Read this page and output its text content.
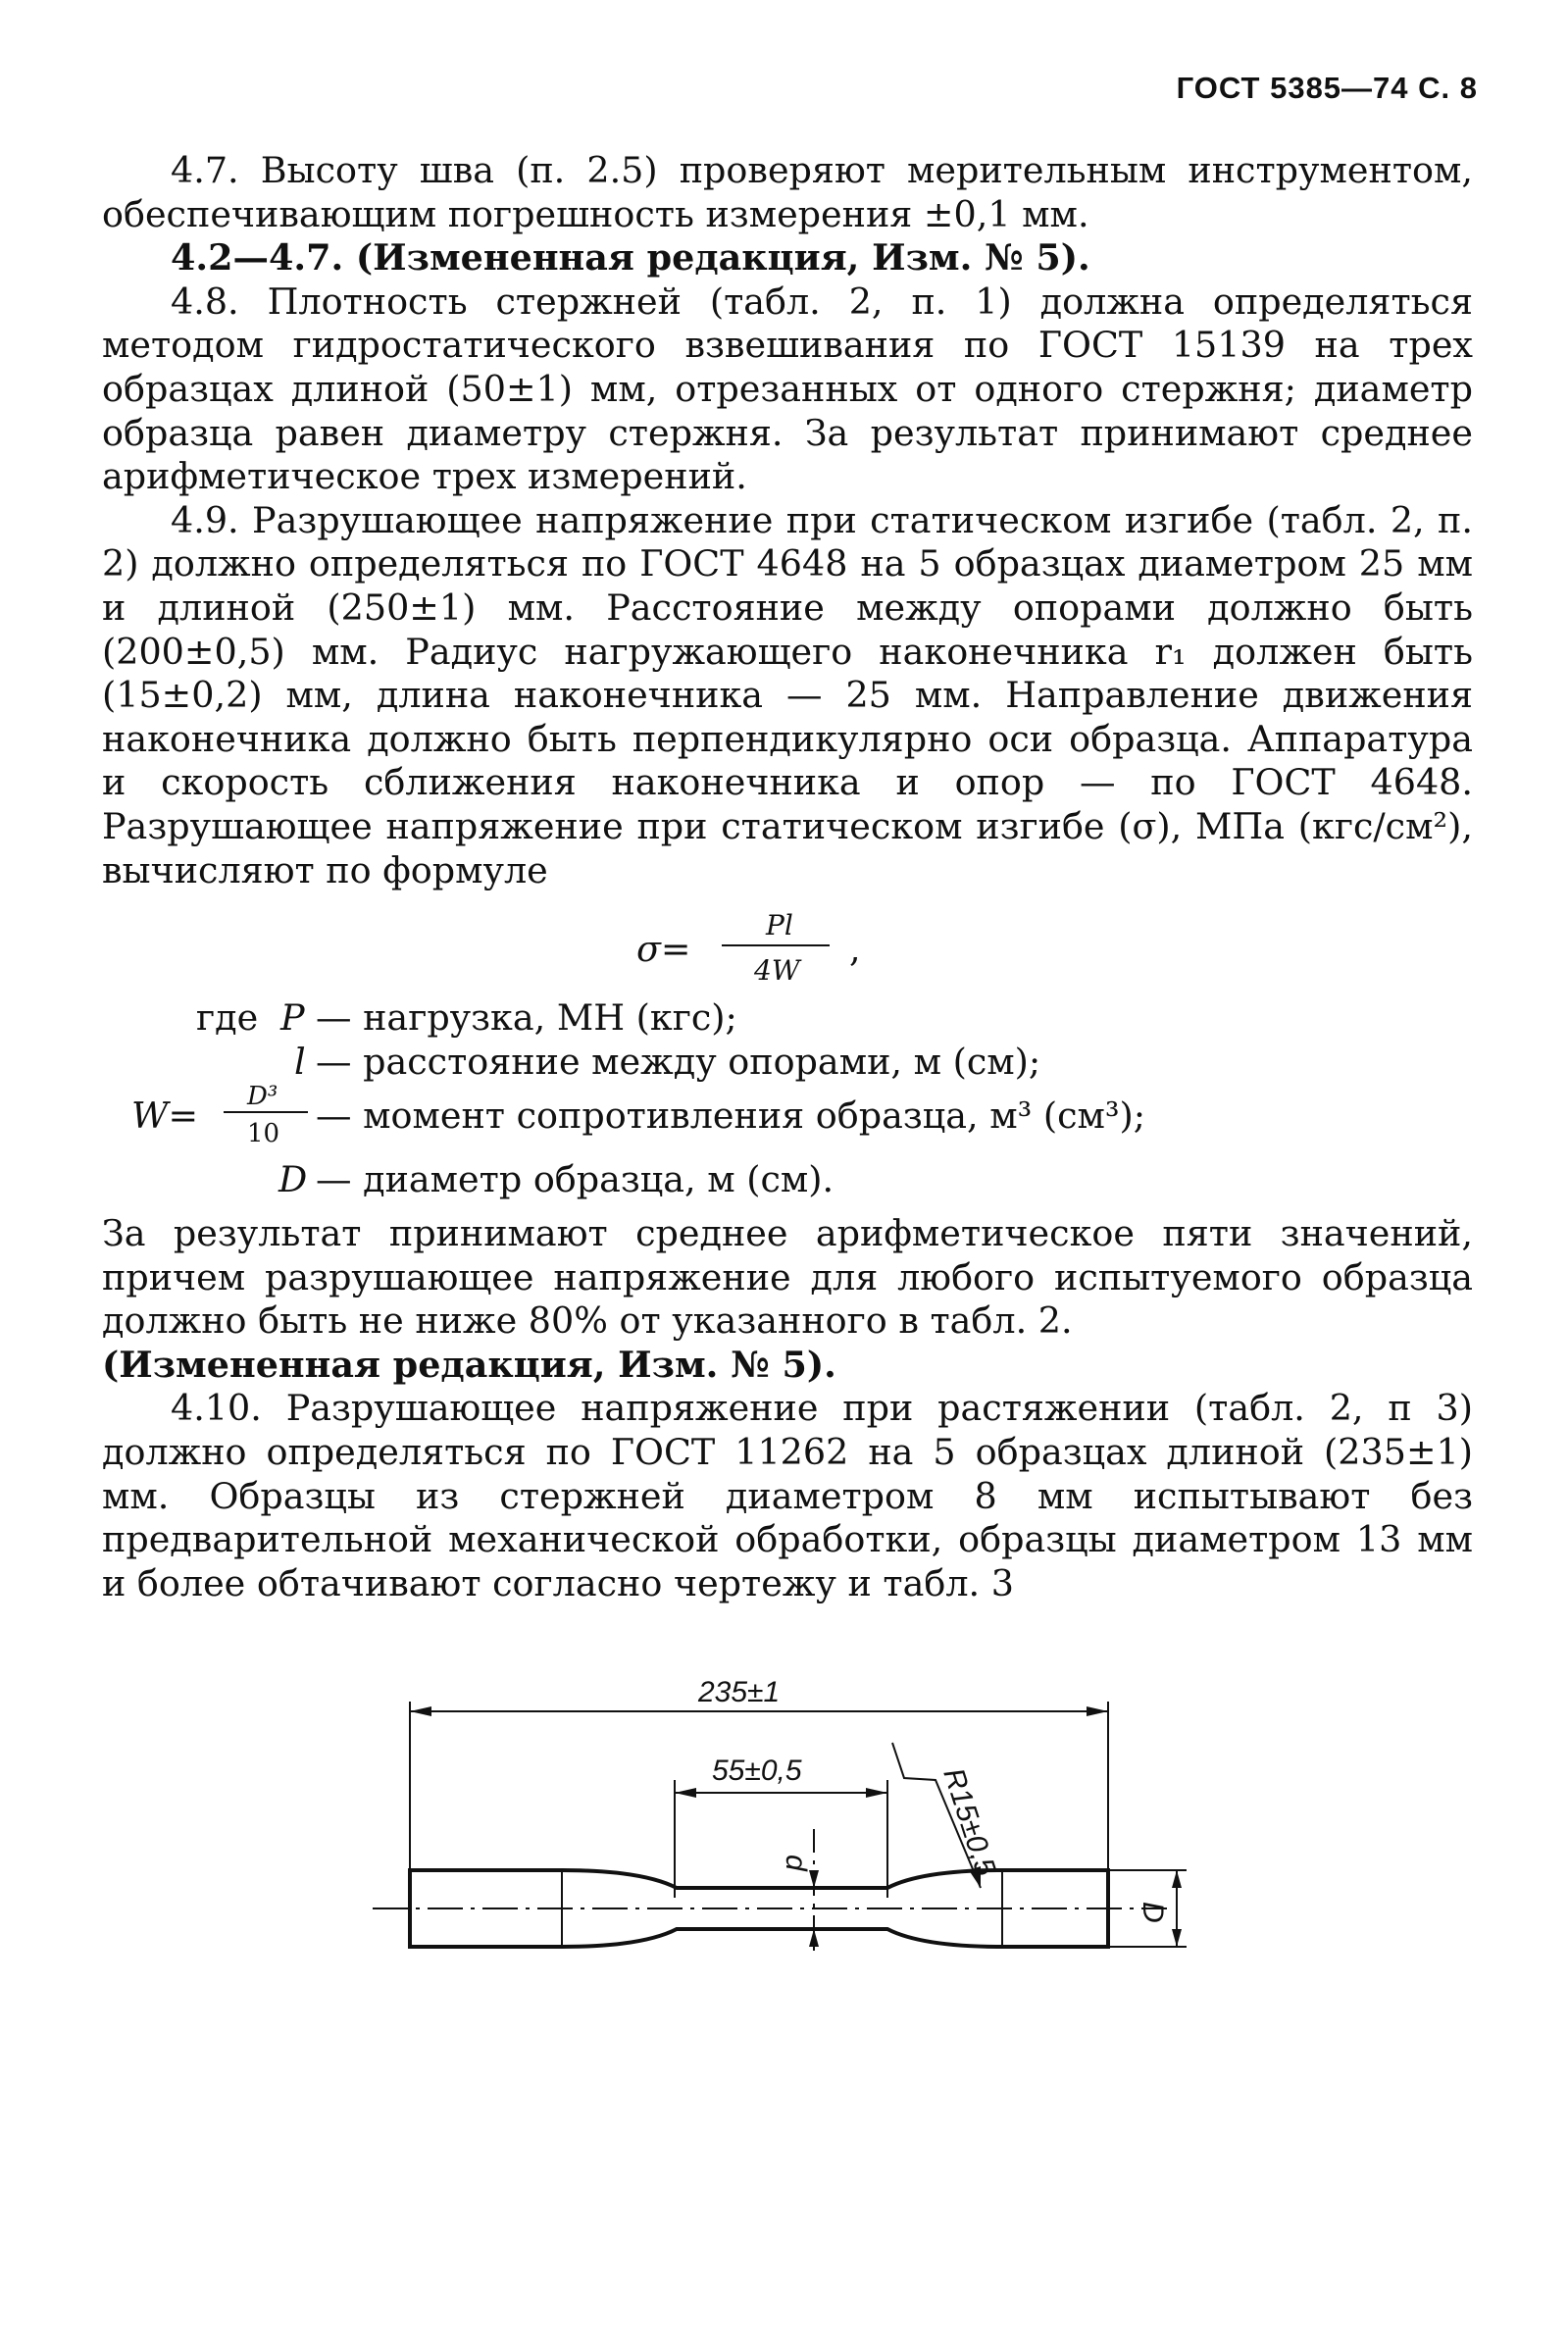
ГОСТ 5385—74 С. 8

4.7. Высоту шва (п. 2.5) проверяют мерительным инструментом, обеспечивающим погрешность измерения ±0,1 мм.

4.2—4.7. (Измененная редакция, Изм. № 5).

4.8. Плотность стержней (табл. 2, п. 1) должна определяться методом гидростатического взвешивания по ГОСТ 15139 на трех образцах длиной (50±1) мм, отрезанных от одного стержня; диаметр образца равен диаметру стержня. За результат принимают среднее арифметическое трех измерений.

4.9. Разрушающее напряжение при статическом изгибе (табл. 2, п. 2) должно определяться по ГОСТ 4648 на 5 образцах диаметром 25 мм и длиной (250±1) мм. Расстояние между опорами должно быть (200±0,5) мм. Радиус нагружающего наконечника r₁ должен быть (15±0,2) мм, длина наконечника — 25 мм. Направление движения наконечника должно быть перпендикулярно оси образца. Аппаратура и скорость сближения наконечника и опор — по ГОСТ 4648. Разрушающее напряжение при статическом изгибе (σ), МПа (кгс/см²), вычисляют по формуле

σ=
Pl
4W
,
где P — нагрузка, МН (кгс);
l — расстояние между опорами, м (см);
W= D³
10 — момент сопротивления образца, м³ (см³);
D — диаметр образца, м (см).

За результат принимают среднее арифметическое пяти значений, причем разрушающее напряжение для любого испытуемого образца должно быть не ниже 80% от указанного в табл. 2.

(Измененная редакция, Изм. № 5).

4.10. Разрушающее напряжение при растяжении (табл. 2, п 3) должно определяться по ГОСТ 11262 на 5 образцах длиной (235±1) мм. Образцы из стержней диаметром 8 мм испытывают без предварительной механической обработки, образцы диаметром 13 мм и более обтачивают согласно чертежу и табл. 3

235±1
55±0,5	R15±0,5
d
D
